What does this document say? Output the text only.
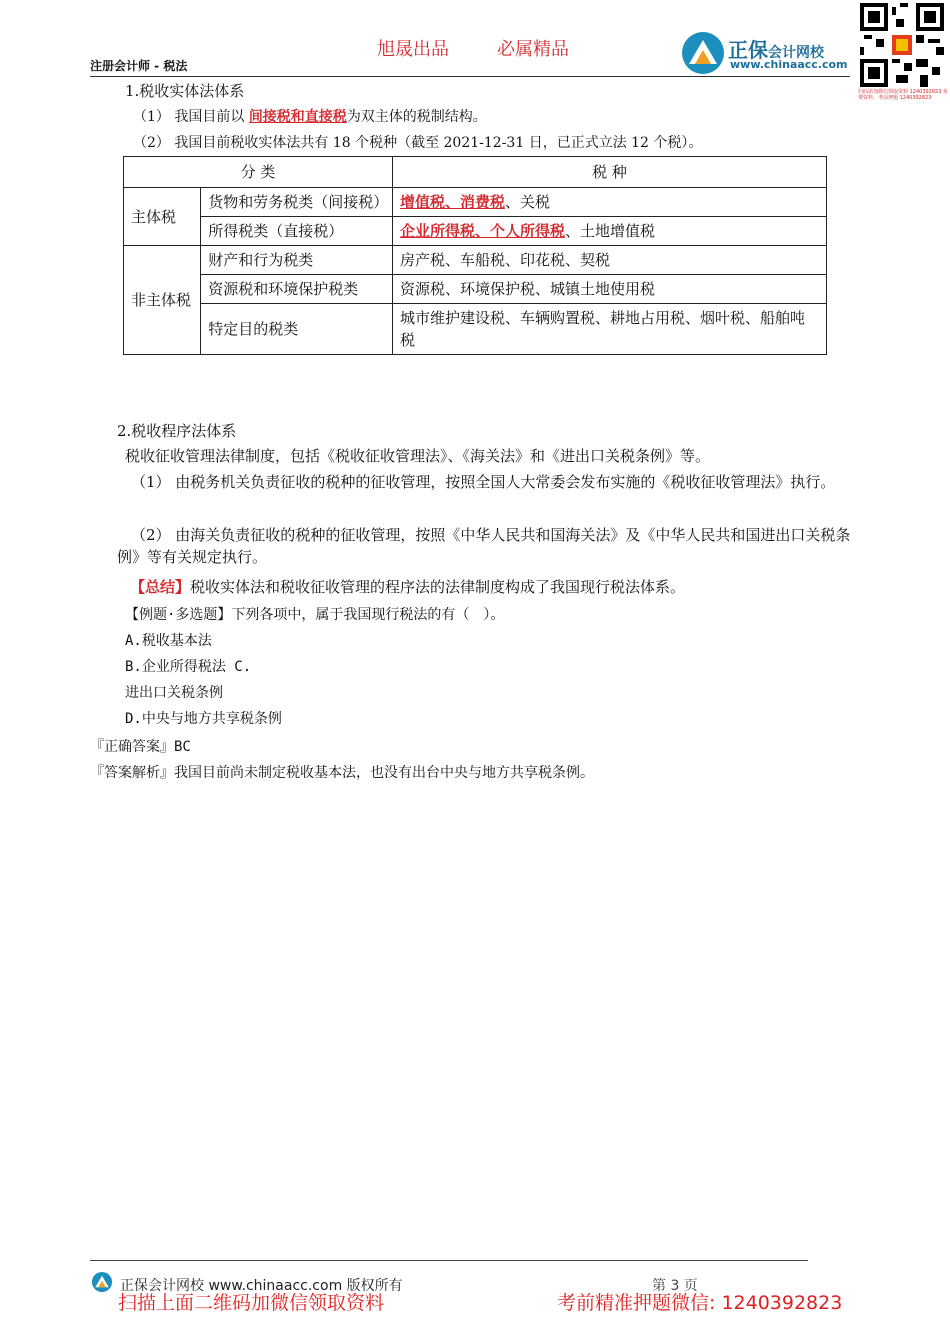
旭晟出品	必属精品
注册会计师 - 税法
正保会计网校
www.chinaacc.com
扫码添加微信领取资料 1240392823 免费资料，考前押题 1240392823
1.税收实体法体系
（1） 我国目前以 间接税和直接税为双主体的税制结构。
（2） 我国目前税收实体法共有 18 个税种（截至 2021-12-31 日，已正式立法 12 个税）。
分 类		税 种
主体税	货物和劳务税类（间接税）	增值税、消费税、关税
	所得税类（直接税）	企业所得税、个人所得税、土地增值税
非主体税	财产和行为税类	房产税、车船税、印花税、契税
	资源税和环境保护税类	资源税、环境保护税、城镇土地使用税
	特定目的税类	城市维护建设税、车辆购置税、耕地占用税、烟叶税、船舶吨税
2.税收程序法体系
税收征收管理法律制度，包括《税收征收管理法》、《海关法》和《进出口关税条例》等。
（1） 由税务机关负责征收的税种的征收管理，按照全国人大常委会发布实施的《税收征收管理法》执行。
（2） 由海关负责征收的税种的征收管理，按照《中华人民共和国海关法》及《中华人民共和国进出口关税条例》等有关规定执行。
【总结】税收实体法和税收征收管理的程序法的法律制度构成了我国现行税法体系。
【例题·多选题】下列各项中，属于我国现行税法的有（　）。
A.税收基本法
B.企业所得税法 C.
进出口关税条例
D.中央与地方共享税条例
『正确答案』BC
『答案解析』我国目前尚未制定税收基本法，也没有出台中央与地方共享税条例。
正保会计网校 www.chinaacc.com 版权所有	第 3 页
扫描上面二维码加微信领取资料	考前精准押题微信: 1240392823
